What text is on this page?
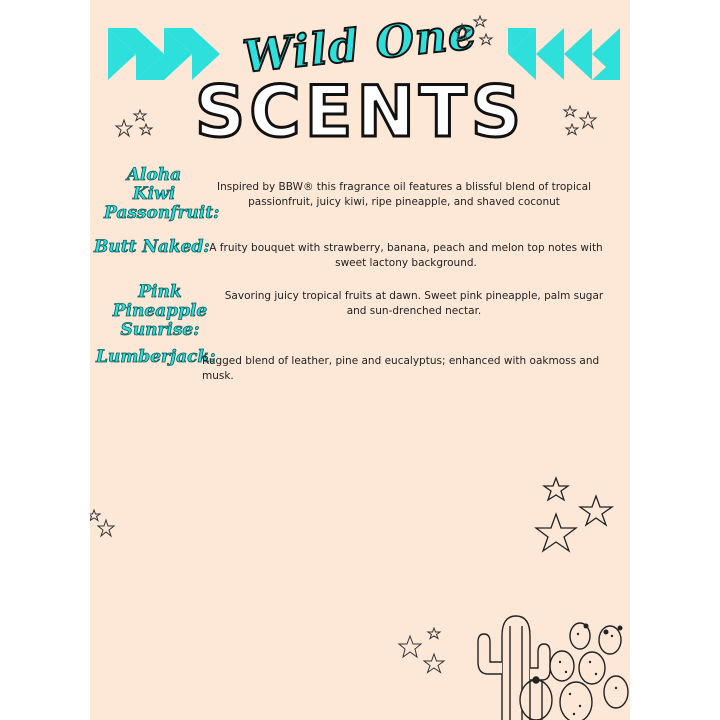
Wild One
SCENTS
Aloha Kiwi Passonfruit:
Inspired by BBW® this fragrance oil features a blissful blend of tropical passionfruit, juicy kiwi, ripe pineapple, and shaved coconut
Butt Naked: A fruity bouquet with strawberry, banana, peach and melon top notes with sweet lactony background.
Pink Pineapple Sunrise:
Savoring juicy tropical fruits at dawn. Sweet pink pineapple, palm sugar and sun-drenched nectar.
Lumberjack:
Rugged blend of leather, pine and eucalyptus; enhanced with oakmoss and musk.
